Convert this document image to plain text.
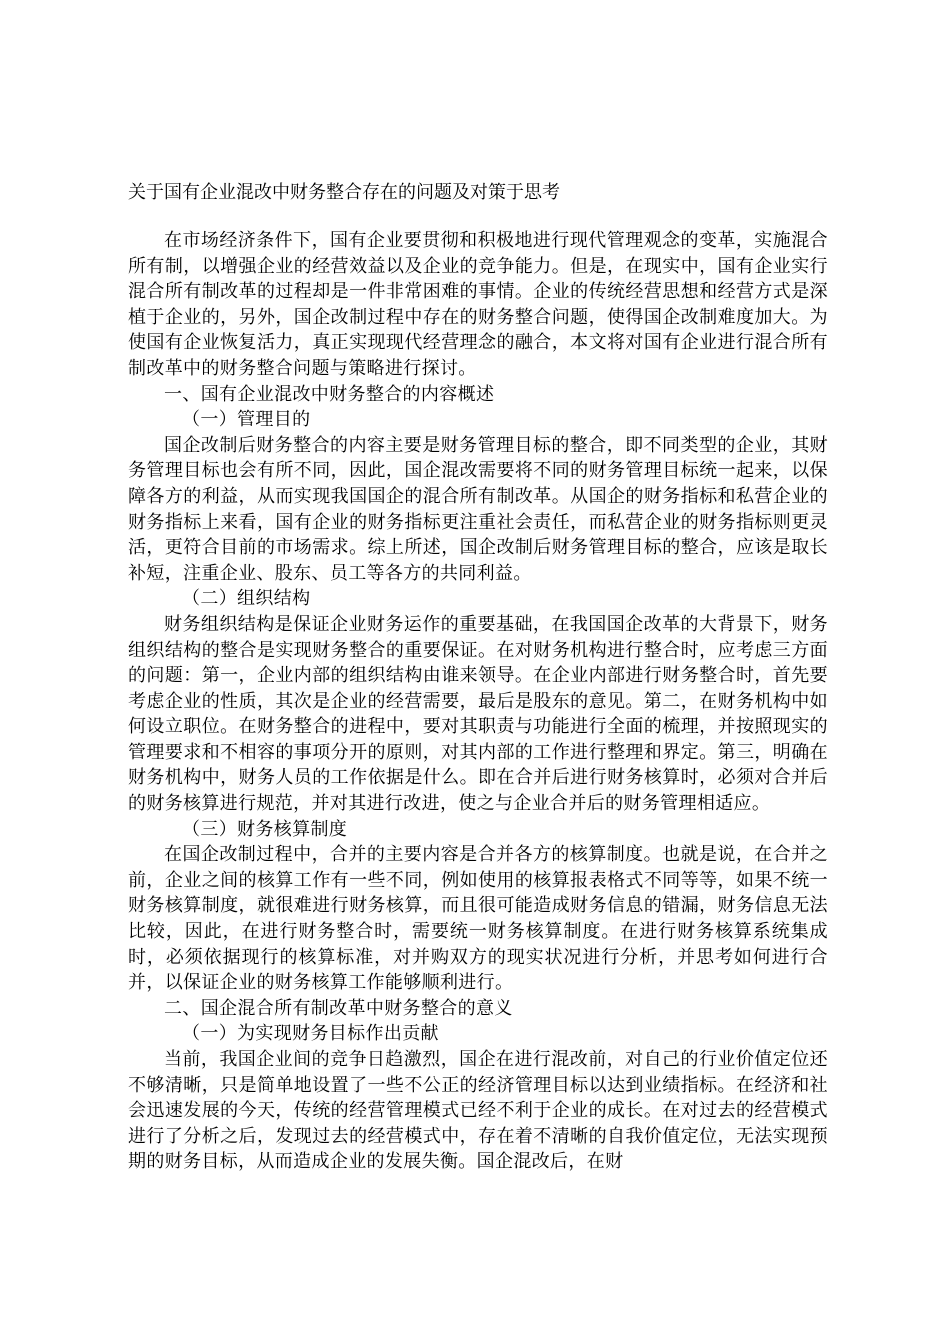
关于国有企业混改中财务整合存在的问题及对策于思考

在市场经济条件下，国有企业要贯彻和积极地进行现代管理观念的变革，实施混合所有制，以增强企业的经营效益以及企业的竞争能力。但是，在现实中，国有企业实行混合所有制改革的过程却是一件非常困难的事情。企业的传统经营思想和经营方式是深植于企业的，另外，国企改制过程中存在的财务整合问题，使得国企改制难度加大。为使国有企业恢复活力，真正实现现代经营理念的融合，本文将对国有企业进行混合所有制改革中的财务整合问题与策略进行探讨。

一、国有企业混改中财务整合的内容概述

（一）管理目的

国企改制后财务整合的内容主要是财务管理目标的整合，即不同类型的企业，其财务管理目标也会有所不同，因此，国企混改需要将不同的财务管理目标统一起来，以保障各方的利益，从而实现我国国企的混合所有制改革。从国企的财务指标和私营企业的财务指标上来看，国有企业的财务指标更注重社会责任，而私营企业的财务指标则更灵活，更符合目前的市场需求。综上所述，国企改制后财务管理目标的整合，应该是取长补短，注重企业、股东、员工等各方的共同利益。

（二）组织结构

财务组织结构是保证企业财务运作的重要基础，在我国国企改革的大背景下，财务组织结构的整合是实现财务整合的重要保证。在对财务机构进行整合时，应考虑三方面的问题：第一，企业内部的组织结构由谁来领导。在企业内部进行财务整合时，首先要考虑企业的性质，其次是企业的经营需要，最后是股东的意见。第二，在财务机构中如何设立职位。在财务整合的进程中，要对其职责与功能进行全面的梳理，并按照现实的管理要求和不相容的事项分开的原则，对其内部的工作进行整理和界定。第三，明确在财务机构中，财务人员的工作依据是什么。即在合并后进行财务核算时，必须对合并后的财务核算进行规范，并对其进行改进，使之与企业合并后的财务管理相适应。

（三）财务核算制度

在国企改制过程中，合并的主要内容是合并各方的核算制度。也就是说，在合并之前，企业之间的核算工作有一些不同，例如使用的核算报表格式不同等等，如果不统一财务核算制度，就很难进行财务核算，而且很可能造成财务信息的错漏，财务信息无法比较，因此，在进行财务整合时，需要统一财务核算制度。在进行财务核算系统集成时，必须依据现行的核算标准，对并购双方的现实状况进行分析，并思考如何进行合并，以保证企业的财务核算工作能够顺利进行。

二、国企混合所有制改革中财务整合的意义

（一）为实现财务目标作出贡献

当前，我国企业间的竞争日趋激烈，国企在进行混改前，对自己的行业价值定位还不够清晰，只是简单地设置了一些不公正的经济管理目标以达到业绩指标。在经济和社会迅速发展的今天，传统的经营管理模式已经不利于企业的成长。在对过去的经营模式进行了分析之后，发现过去的经营模式中，存在着不清晰的自我价值定位，无法实现预期的财务目标，从而造成企业的发展失衡。国企混改后，在财
